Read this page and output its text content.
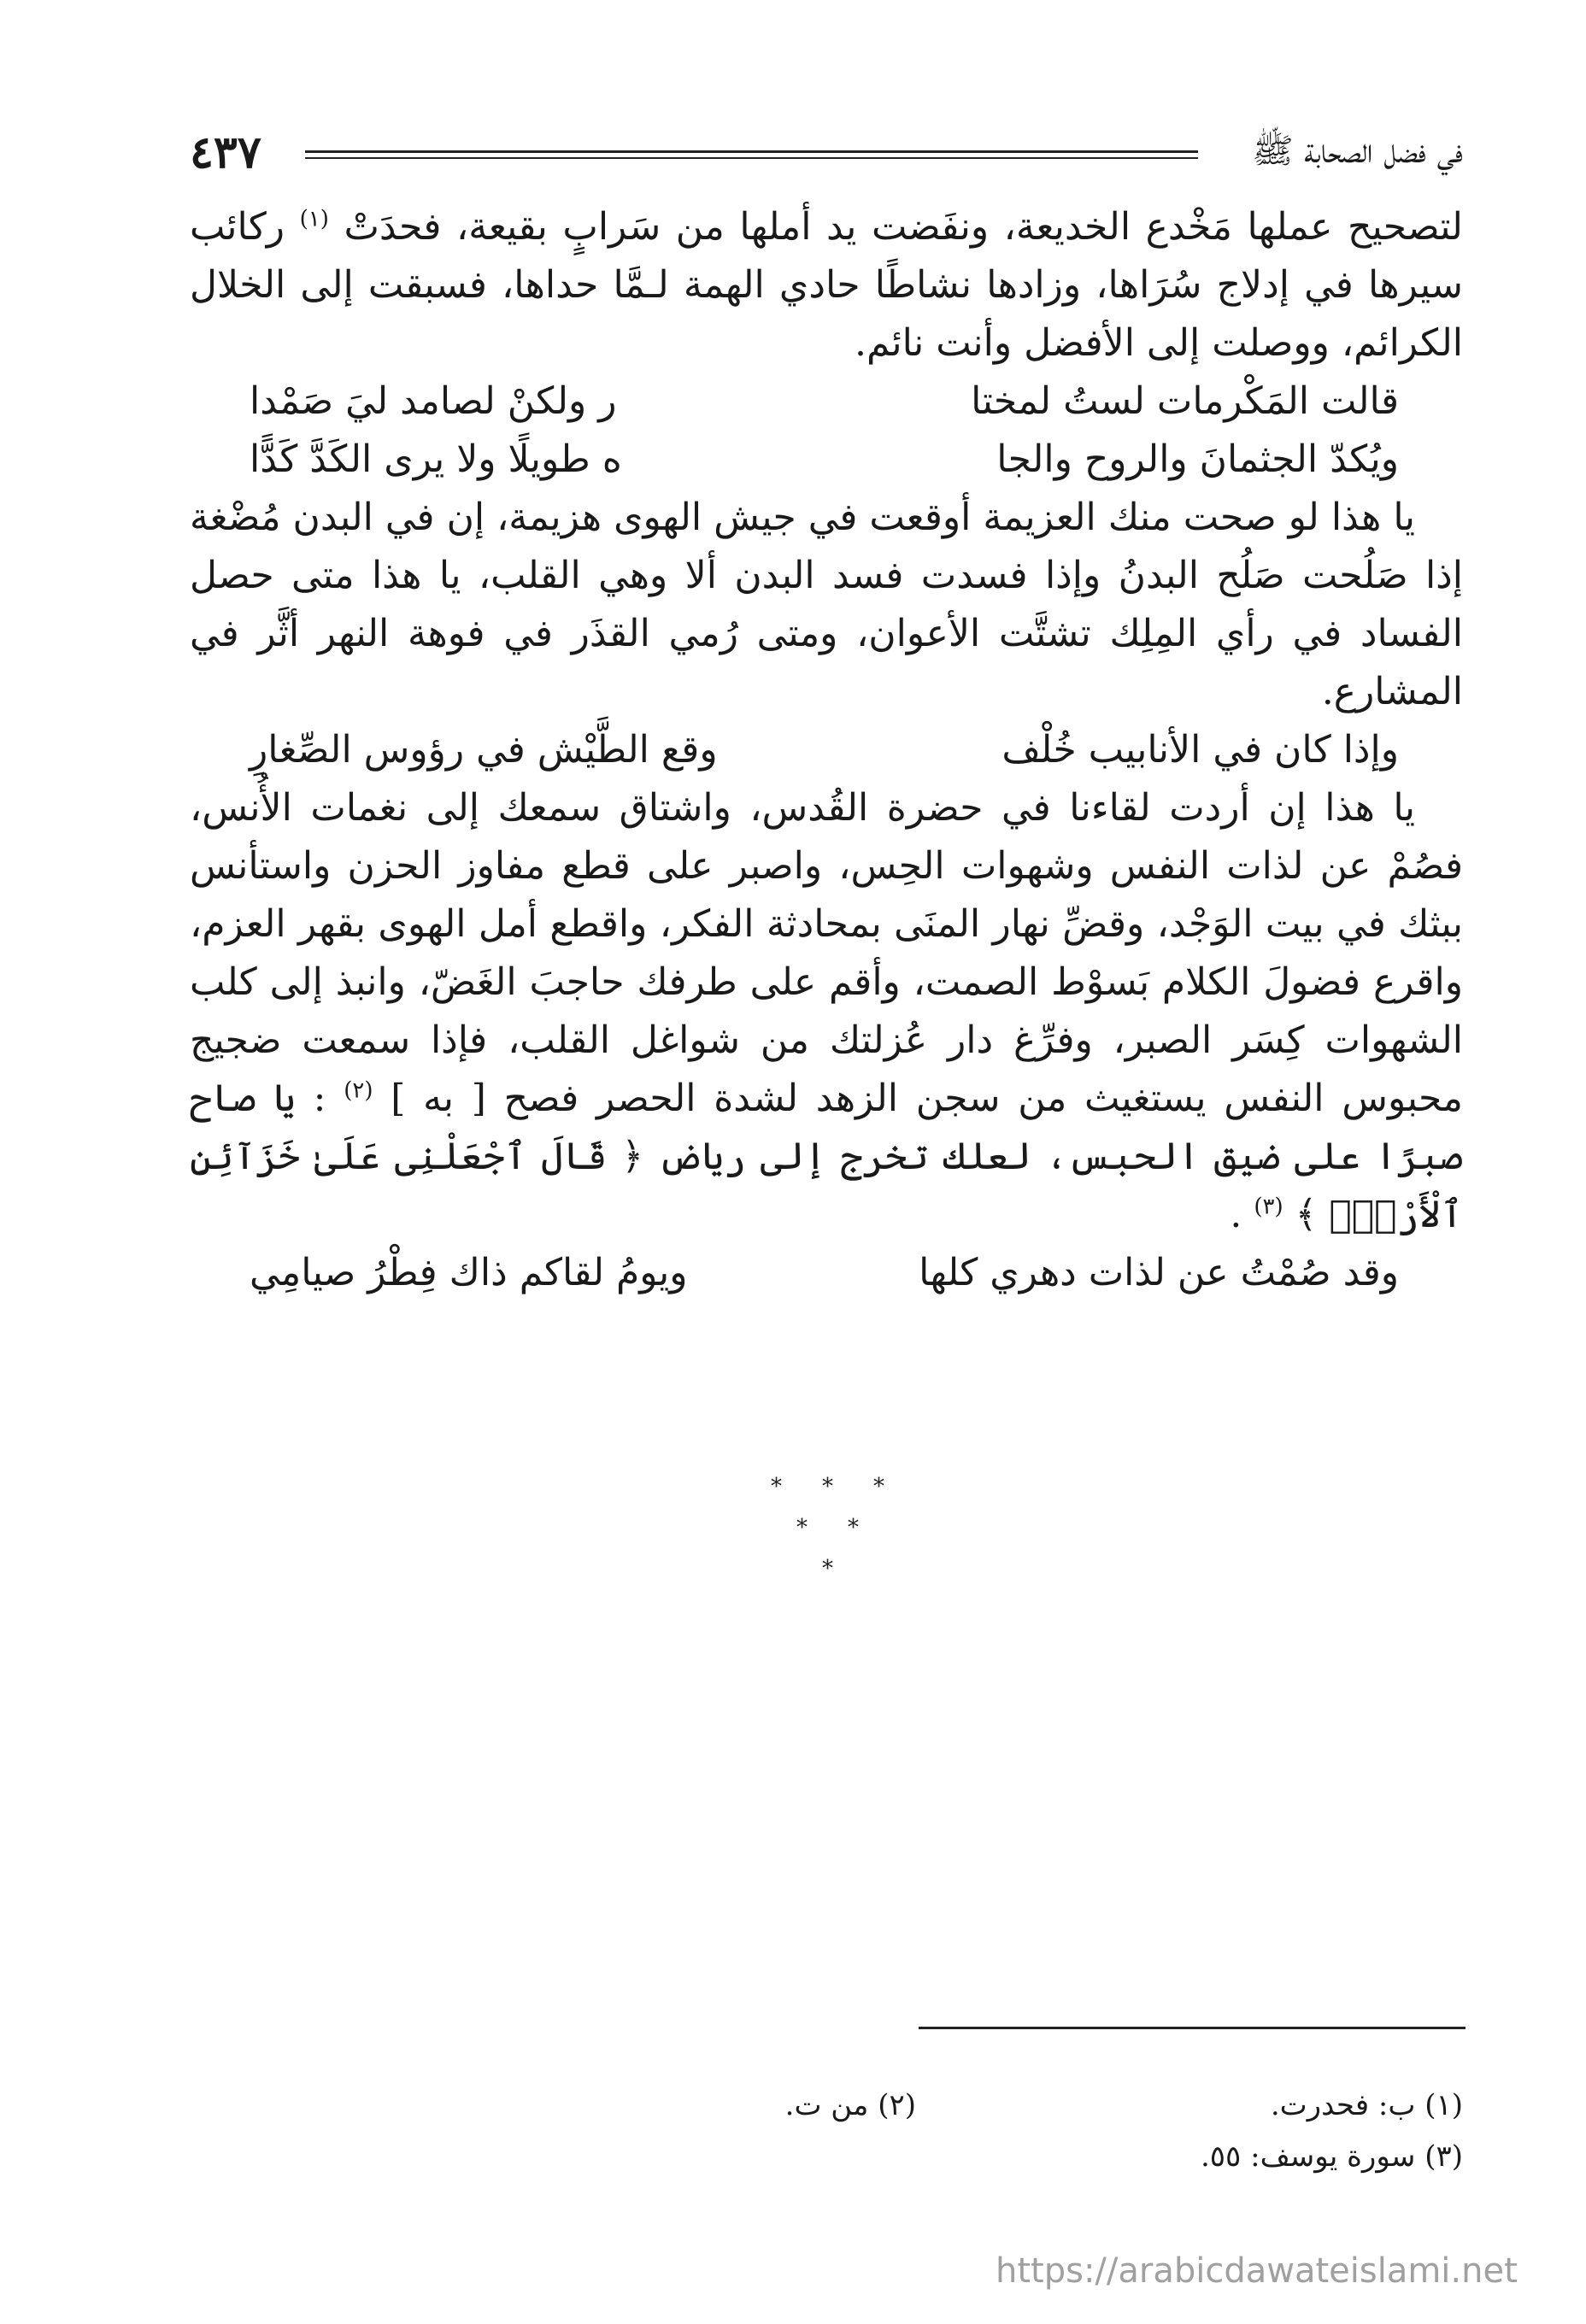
في فضل الصحابة ﷺ
٤٣٧

لتصحيح عملها مَخْدع الخديعة، ونفَضت يد أملها من سَرابٍ بقيعة، فحدَتْ $^{(١)}$ ركائب سيرها في إدلاج سُرَاها، وزادها نشاطًا حادي الهمة لـمَّا حداها، فسبقت إلى الخلال الكرائم، ووصلت إلى الأفضل وأنت نائم.

قالت المَكْرمات لستُ لمختا
ر ولكنْ لصامد ليَ صَمْدا
ويُكدّ الجثمانَ والروح والجا
ه طويلًا ولا يرى الكَدَّ كَدًّا

يا هذا لو صحت منك العزيمة أوقعت في جيش الهوى هزيمة، إن في البدن مُضْغة إذا صَلُحت صَلُح البدنُ وإذا فسدت فسد البدن ألا وهي القلب، يا هذا متى حصل الفساد في رأي المِلِك تشتَّت الأعوان، ومتى رُمي القذَر في فوهة النهر أثَّر في المشارع.

وإذا كان في الأنابيب خُلْف
وقع الطَّيْش في رؤوس الصِّغارِ

يا هذا إن أردت لقاءنا في حضرة القُدس، واشتاق سمعك إلى نغمات الأُنس، فصُمْ عن لذات النفس وشهوات الحِس، واصبر على قطع مفاوز الحزن واستأنس ببثك في بيت الوَجْد، وقضِّ نهار المنَى بمحادثة الفكر، واقطع أمل الهوى بقهر العزم، واقرع فضولَ الكلام بَسوْط الصمت، وأقم على طرفك حاجبَ الغَضّ، وانبذ إلى كلب الشهوات كِسَر الصبر، وفرِّغ دار عُزلتك من شواغل القلب، فإذا سمعت ضجيج محبوس النفس يستغيث من سجن الزهد لشدة الحصر فصح [ به ] $^{(٢)}$ : يا صاح صبرًا على ضيق الحبس، لعلك تخرج إلى رياض ﴿ قَالَ ٱجْعَلْنِى عَلَىٰ خَزَآئِنِ ٱلْأَرْضِۖ ﴾ $^{(٣)}$ .

وقد صُمْتُ عن لذات دهري كلها
ويومُ لقاكم ذاك فِطْرُ صيامِي
* * *
* *
*
(١) ب: فحدرت.
(٢) من ت.
(٣) سورة يوسف: ٥٥.
https://arabicdawateislami.net
